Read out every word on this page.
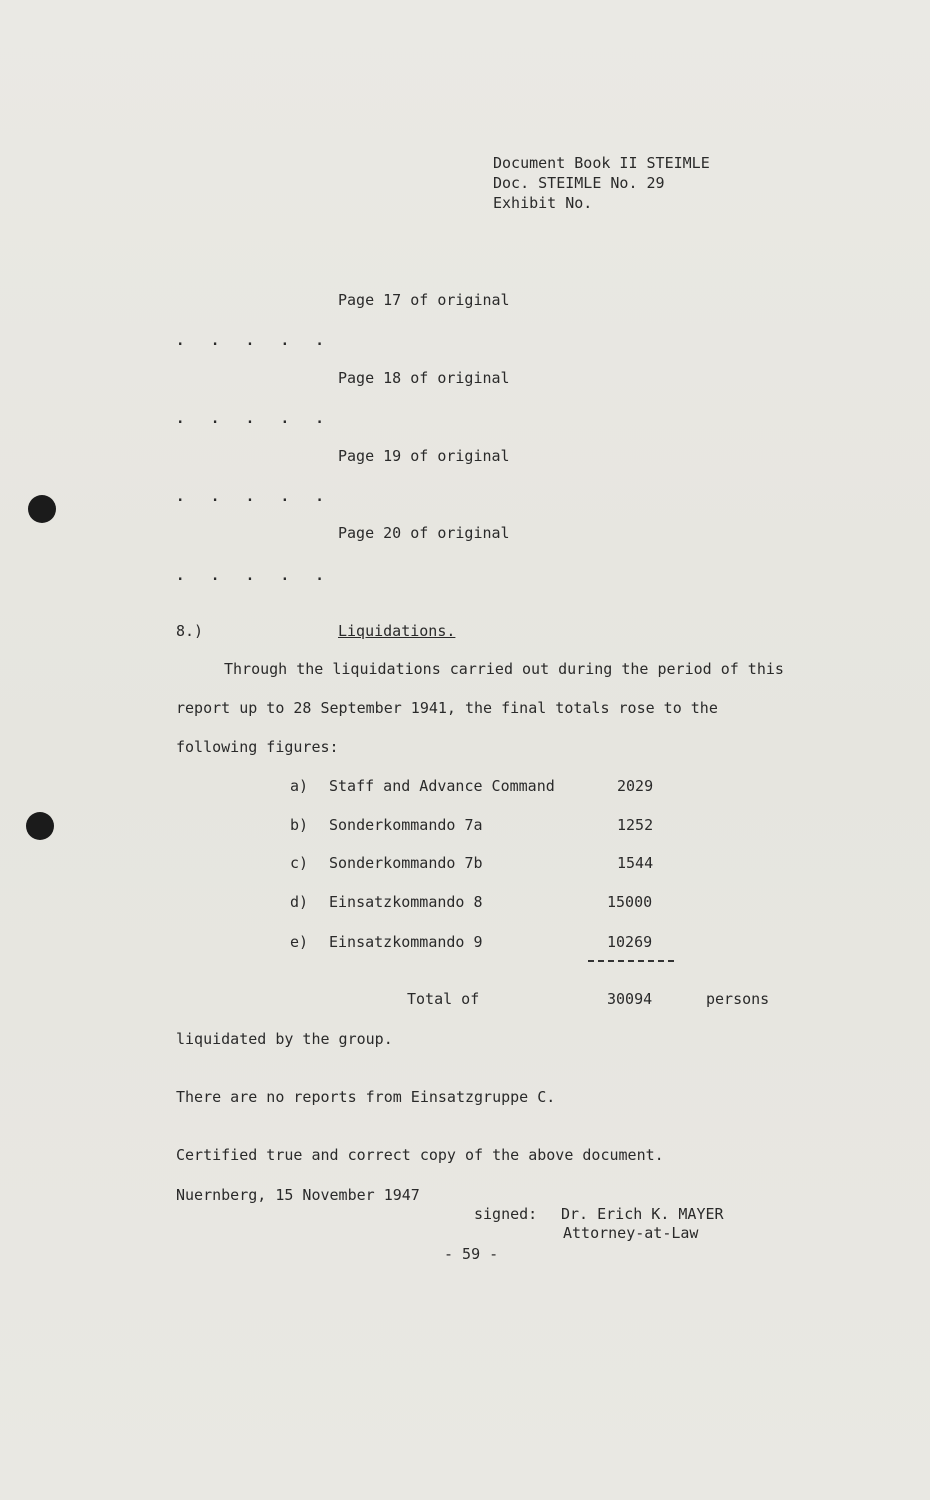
Document Book II STEIMLE
Doc. STEIMLE No. 29
Exhibit No.
Page 17 of original
. . . . .
Page 18 of original
. . . . .
Page 19 of original
. . . . .
Page 20 of original
. . . . .
8.)	Liquidations.
Through the liquidations carried out during the period of this
report up to 28 September 1941, the final totals rose to the
following figures:
a) Staff and Advance Command	2029
b) Sonderkommando 7a	1252
c) Sonderkommando 7b	1544
d) Einsatzkommando 8	15000
e) Einsatzkommando 9	10269
Total of	30094	persons
liquidated by the group.
There are no reports from Einsatzgruppe C.
Certified true and correct copy of the above document.
Nuernberg, 15 November 1947
signed: Dr. Erich K. MAYER
Attorney-at-Law
- 59 -
